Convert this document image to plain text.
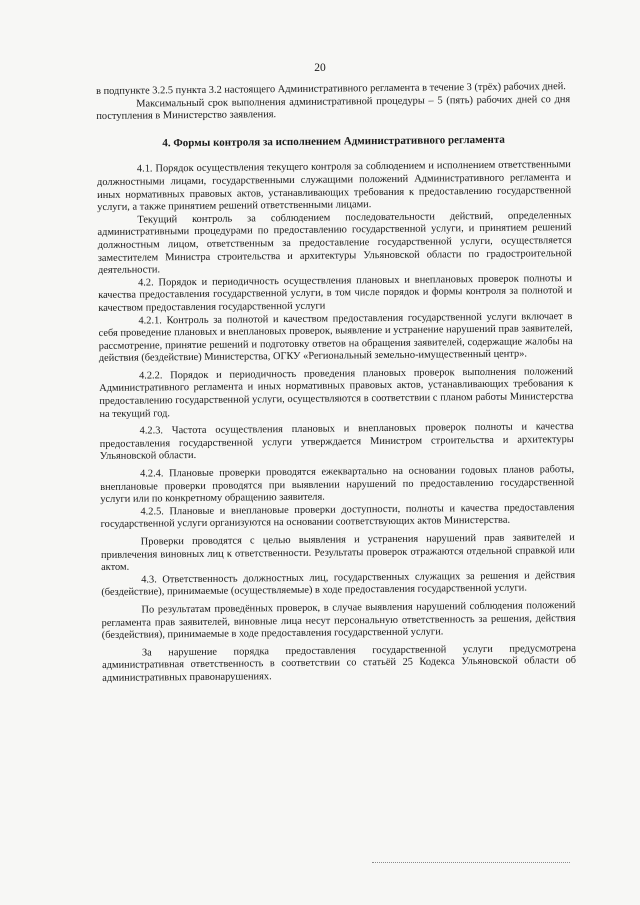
20

в подпункте 3.2.5 пункта 3.2 настоящего Административного регламента в течение 3 (трёх) рабочих дней.

Максимальный срок выполнения административной процедуры – 5 (пять) рабочих дней со дня поступления в Министерство заявления.

4. Формы контроля за исполнением Административного регламента

4.1. Порядок осуществления текущего контроля за соблюдением и исполнением ответственными должностными лицами, государственными служащими положений Административного регламента и иных нормативных правовых актов, устанавливающих требования к предоставлению государственной услуги, а также принятием решений ответственными лицами.

Текущий контроль за соблюдением последовательности действий, определенных административными процедурами по предоставлению государственной услуги, и принятием решений должностным лицом, ответственным за предоставление государственной услуги, осуществляется заместителем Министра строительства и архитектуры Ульяновской области по градостроительной деятельности.

4.2. Порядок и периодичность осуществления плановых и внеплановых проверок полноты и качества предоставления государственной услуги, в том числе порядок и формы контроля за полнотой и качеством предоставления государственной услуги

4.2.1. Контроль за полнотой и качеством предоставления государственной услуги включает в себя проведение плановых и внеплановых проверок, выявление и устранение нарушений прав заявителей, рассмотрение, принятие решений и подготовку ответов на обращения заявителей, содержащие жалобы на действия (бездействие) Министерства, ОГКУ «Региональный земельно-имущественный центр».

4.2.2. Порядок и периодичность проведения плановых проверок выполнения положений Административного регламента и иных нормативных правовых актов, устанавливающих требования к предоставлению государственной услуги, осуществляются в соответствии с планом работы Министерства на текущий год.

4.2.3. Частота осуществления плановых и внеплановых проверок полноты и качества предоставления государственной услуги утверждается Министром строительства и архитектуры Ульяновской области.

4.2.4. Плановые проверки проводятся ежеквартально на основании годовых планов работы, внеплановые проверки проводятся при выявлении нарушений по предоставлению государственной услуги или по конкретному обращению заявителя.

4.2.5. Плановые и внеплановые проверки доступности, полноты и качества предоставления государственной услуги организуются на основании соответствующих актов Министерства.

Проверки проводятся с целью выявления и устранения нарушений прав заявителей и привлечения виновных лиц к ответственности. Результаты проверок отражаются отдельной справкой или актом.

4.3. Ответственность должностных лиц, государственных служащих за решения и действия (бездействие), принимаемые (осуществляемые) в ходе предоставления государственной услуги.

По результатам проведённых проверок, в случае выявления нарушений соблюдения положений регламента прав заявителей, виновные лица несут персональную ответственность за решения, действия (бездействия), принимаемые в ходе предоставления государственной услуги.

За нарушение порядка предоставления государственной услуги предусмотрена административная ответственность в соответствии со статьёй 25 Кодекса Ульяновской области об административных правонарушениях.
